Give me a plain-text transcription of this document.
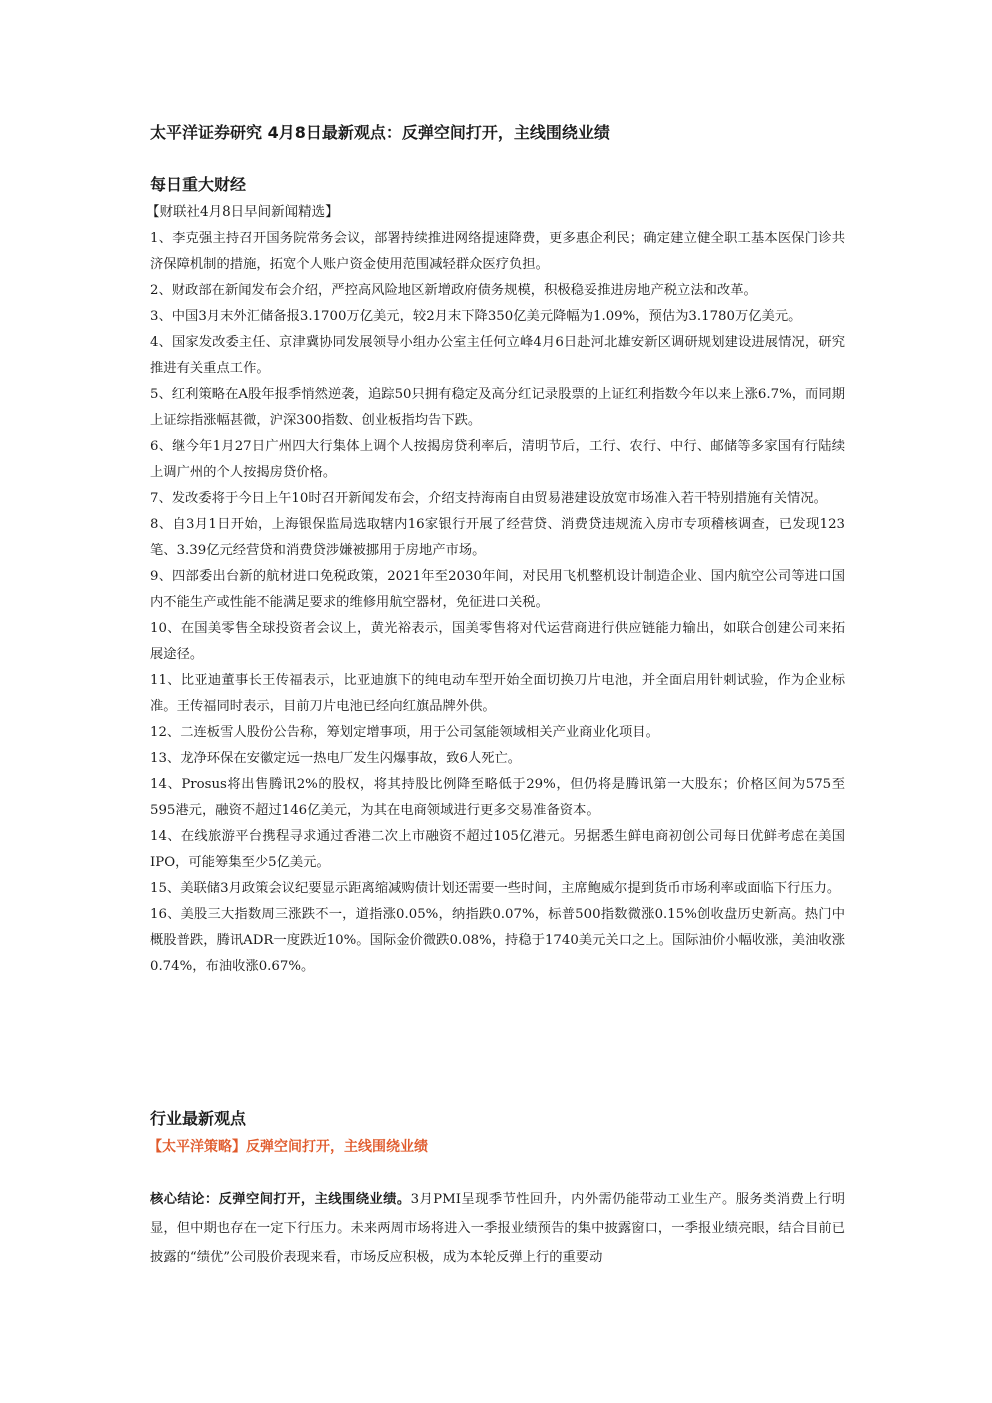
太平洋证券研究 4月8日最新观点：反弹空间打开，主线围绕业绩
每日重大财经
【财联社4月8日早间新闻精选】
1、李克强主持召开国务院常务会议，部署持续推进网络提速降费，更多惠企利民；确定建立健全职工基本医保门诊共济保障机制的措施，拓宽个人账户资金使用范围减轻群众医疗负担。
2、财政部在新闻发布会介绍，严控高风险地区新增政府债务规模，积极稳妥推进房地产税立法和改革。
3、中国3月末外汇储备报3.1700万亿美元，较2月末下降350亿美元降幅为1.09%，预估为3.1780万亿美元。
4、国家发改委主任、京津冀协同发展领导小组办公室主任何立峰4月6日赴河北雄安新区调研规划建设进展情况，研究推进有关重点工作。
5、红利策略在A股年报季悄然逆袭，追踪50只拥有稳定及高分红记录股票的上证红利指数今年以来上涨6.7%，而同期上证综指涨幅甚微，沪深300指数、创业板指均告下跌。
6、继今年1月27日广州四大行集体上调个人按揭房贷利率后，清明节后，工行、农行、中行、邮储等多家国有行陆续上调广州的个人按揭房贷价格。
7、发改委将于今日上午10时召开新闻发布会，介绍支持海南自由贸易港建设放宽市场准入若干特别措施有关情况。
8、自3月1日开始，上海银保监局选取辖内16家银行开展了经营贷、消费贷违规流入房市专项稽核调查，已发现123笔、3.39亿元经营贷和消费贷涉嫌被挪用于房地产市场。
9、四部委出台新的航材进口免税政策，2021年至2030年间，对民用飞机整机设计制造企业、国内航空公司等进口国内不能生产或性能不能满足要求的维修用航空器材，免征进口关税。
10、在国美零售全球投资者会议上，黄光裕表示，国美零售将对代运营商进行供应链能力输出，如联合创建公司来拓展途径。
11、比亚迪董事长王传福表示，比亚迪旗下的纯电动车型开始全面切换刀片电池，并全面启用针刺试验，作为企业标准。王传福同时表示，目前刀片电池已经向红旗品牌外供。
12、二连板雪人股份公告称，筹划定增事项，用于公司氢能领域相关产业商业化项目。
13、龙净环保在安徽定远一热电厂发生闪爆事故，致6人死亡。
14、Prosus将出售腾讯2%的股权，将其持股比例降至略低于29%，但仍将是腾讯第一大股东；价格区间为575至595港元，融资不超过146亿美元，为其在电商领域进行更多交易准备资本。
14、在线旅游平台携程寻求通过香港二次上市融资不超过105亿港元。另据悉生鲜电商初创公司每日优鲜考虑在美国IPO，可能筹集至少5亿美元。
15、美联储3月政策会议纪要显示距离缩减购债计划还需要一些时间，主席鲍威尔提到货币市场利率或面临下行压力。
16、美股三大指数周三涨跌不一，道指涨0.05%，纳指跌0.07%，标普500指数微涨0.15%创收盘历史新高。热门中概股普跌，腾讯ADR一度跌近10%。国际金价微跌0.08%，持稳于1740美元关口之上。国际油价小幅收涨，美油收涨0.74%，布油收涨0.67%。
行业最新观点
【太平洋策略】反弹空间打开，主线围绕业绩

核心结论：反弹空间打开，主线围绕业绩。3月PMI呈现季节性回升，内外需仍能带动工业生产。服务类消费上行明显，但中期也存在一定下行压力。未来两周市场将进入一季报业绩预告的集中披露窗口，一季报业绩亮眼，结合目前已披露的“绩优”公司股价表现来看，市场反应积极，成为本轮反弹上行的重要动
